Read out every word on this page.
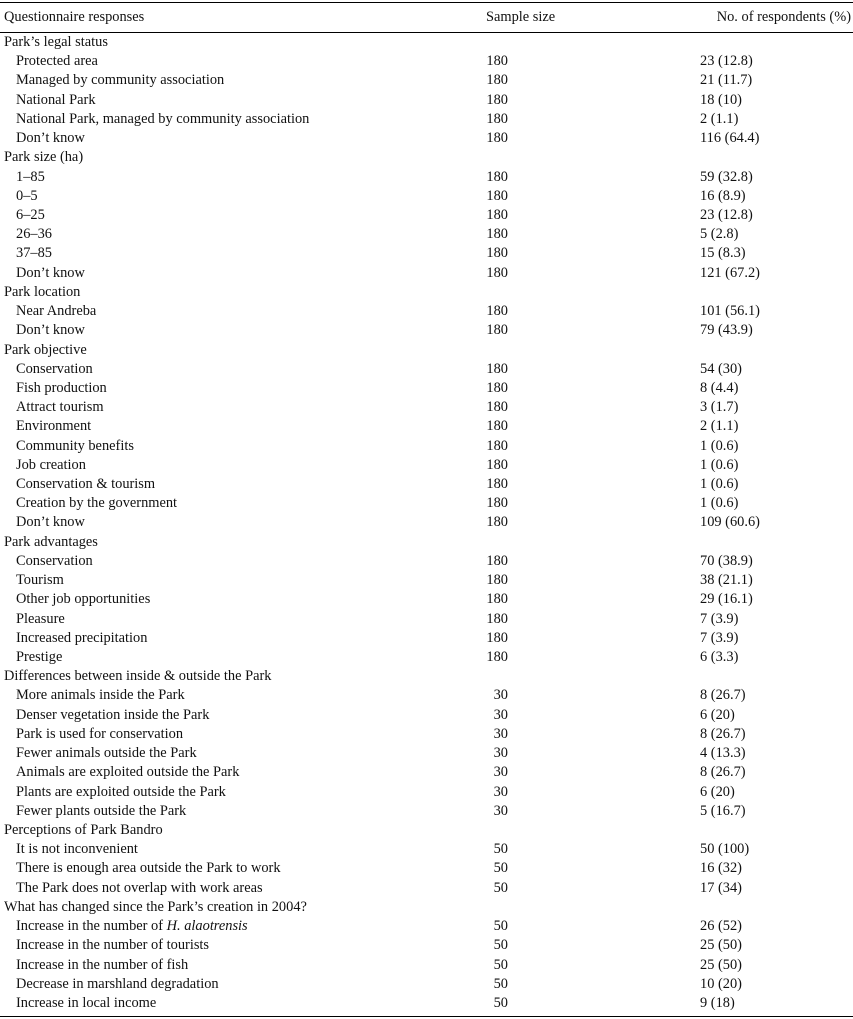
Questionnaire responses	Sample size	No. of respondents (%)
Park’s legal status
Protected area	180	23 (12.8)
Managed by community association	180	21 (11.7)
National Park	180	18 (10)
National Park, managed by community association	180	2 (1.1)
Don’t know	180	116 (64.4)
Park size (ha)
1–85	180	59 (32.8)
0–5	180	16 (8.9)
6–25	180	23 (12.8)
26–36	180	5 (2.8)
37–85	180	15 (8.3)
Don’t know	180	121 (67.2)
Park location
Near Andreba	180	101 (56.1)
Don’t know	180	79 (43.9)
Park objective
Conservation	180	54 (30)
Fish production	180	8 (4.4)
Attract tourism	180	3 (1.7)
Environment	180	2 (1.1)
Community benefits	180	1 (0.6)
Job creation	180	1 (0.6)
Conservation & tourism	180	1 (0.6)
Creation by the government	180	1 (0.6)
Don’t know	180	109 (60.6)
Park advantages
Conservation	180	70 (38.9)
Tourism	180	38 (21.1)
Other job opportunities	180	29 (16.1)
Pleasure	180	7 (3.9)
Increased precipitation	180	7 (3.9)
Prestige	180	6 (3.3)
Differences between inside & outside the Park
More animals inside the Park	30	8 (26.7)
Denser vegetation inside the Park	30	6 (20)
Park is used for conservation	30	8 (26.7)
Fewer animals outside the Park	30	4 (13.3)
Animals are exploited outside the Park	30	8 (26.7)
Plants are exploited outside the Park	30	6 (20)
Fewer plants outside the Park	30	5 (16.7)
Perceptions of Park Bandro
It is not inconvenient	50	50 (100)
There is enough area outside the Park to work	50	16 (32)
The Park does not overlap with work areas	50	17 (34)
What has changed since the Park’s creation in 2004?
Increase in the number of H. alaotrensis	50	26 (52)
Increase in the number of tourists	50	25 (50)
Increase in the number of fish	50	25 (50)
Decrease in marshland degradation	50	10 (20)
Increase in local income	50	9 (18)
